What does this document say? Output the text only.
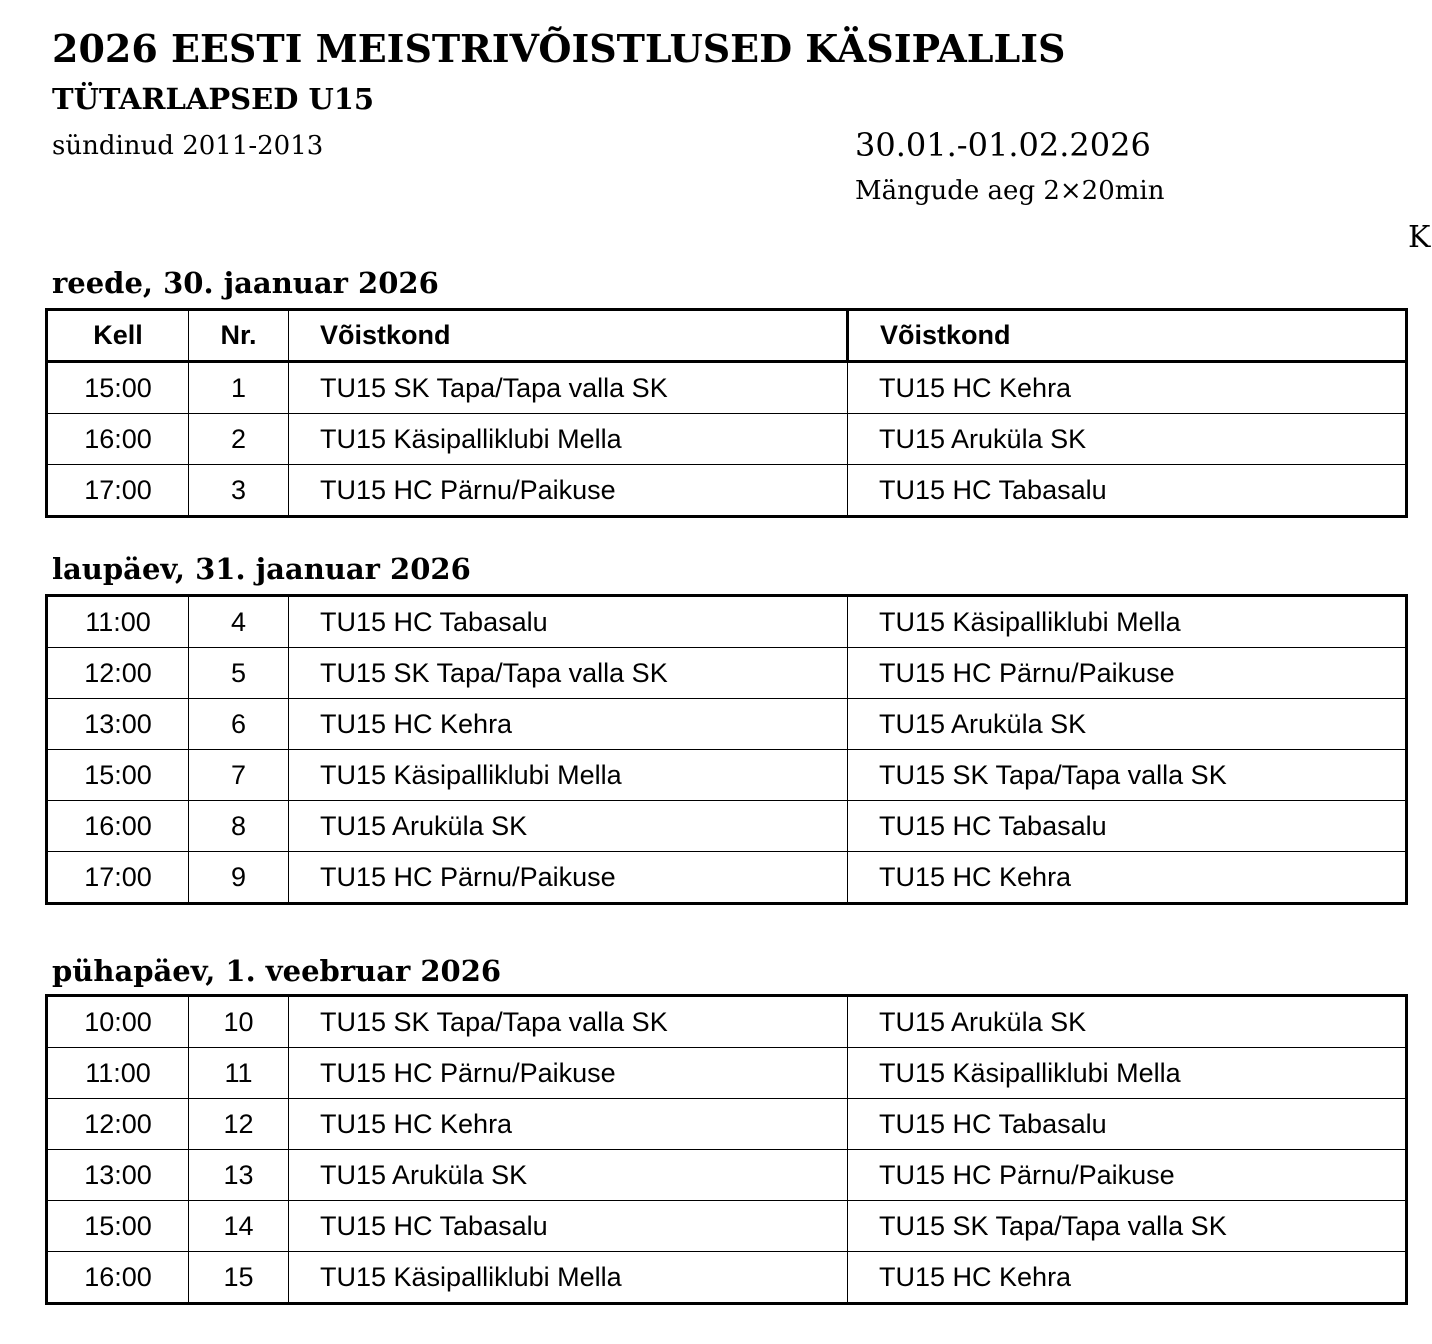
2026 EESTI MEISTRIVÕISTLUSED KÄSIPALLIS
TÜTARLAPSED U15
sündinud 2011-2013	30.01.-01.02.2026
Mängude aeg 2×20min
K
reede, 30. jaanuar 2026
Kell	Nr.	Võistkond	Võistkond
15:00	1	TU15 SK Tapa/Tapa valla SK	TU15 HC Kehra
16:00	2	TU15 Käsipalliklubi Mella	TU15 Aruküla SK
17:00	3	TU15 HC Pärnu/Paikuse	TU15 HC Tabasalu
laupäev, 31. jaanuar 2026
11:00	4	TU15 HC Tabasalu	TU15 Käsipalliklubi Mella
12:00	5	TU15 SK Tapa/Tapa valla SK	TU15 HC Pärnu/Paikuse
13:00	6	TU15 HC Kehra	TU15 Aruküla SK
15:00	7	TU15 Käsipalliklubi Mella	TU15 SK Tapa/Tapa valla SK
16:00	8	TU15 Aruküla SK	TU15 HC Tabasalu
17:00	9	TU15 HC Pärnu/Paikuse	TU15 HC Kehra
pühapäev, 1. veebruar 2026
10:00	10	TU15 SK Tapa/Tapa valla SK	TU15 Aruküla SK
11:00	11	TU15 HC Pärnu/Paikuse	TU15 Käsipalliklubi Mella
12:00	12	TU15 HC Kehra	TU15 HC Tabasalu
13:00	13	TU15 Aruküla SK	TU15 HC Pärnu/Paikuse
15:00	14	TU15 HC Tabasalu	TU15 SK Tapa/Tapa valla SK
16:00	15	TU15 Käsipalliklubi Mella	TU15 HC Kehra
